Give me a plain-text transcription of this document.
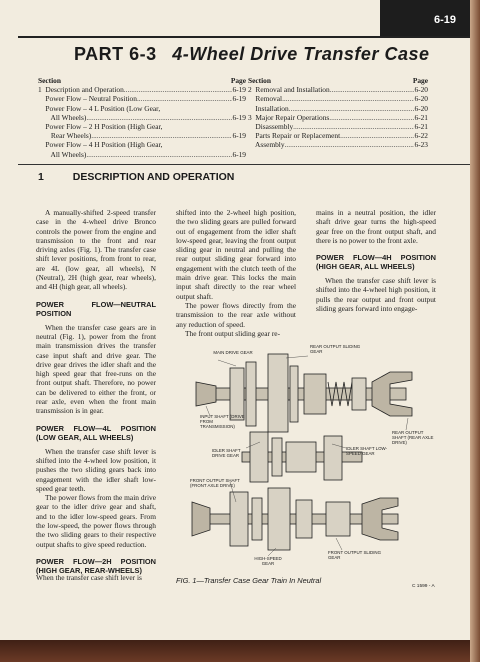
6-19
PART 6-3 4-Wheel Drive Transfer Case
Section	Page
1  Description and Operation .....	6-19
Power Flow – Neutral Position .....	6-19
Power Flow – 4 L Position (Low Gear,
All Wheels) .....	6-19
Power Flow – 2 H Position (High Gear,
Rear Wheels) .....	6-19
Power Flow – 4 H Position (High Gear,
All Wheels) .....	6-19
Section	Page
2  Removal and Installation .....	6-20
Removal .....	6-20
Installation .....	6-20
3  Major Repair Operations .....	6-21
Disassembly .....	6-21
Parts Repair or Replacement .....	6-22
Assembly .....	6-23
1	DESCRIPTION AND OPERATION

A manually-shifted 2-speed transfer case in the 4-wheel drive Bronco controls the power from the engine and transmission to the front and rear driving axles (Fig. 1). The transfer case shift lever positions, from front to rear, are 4L (low gear, all wheels), N (Neutral), 2H (high gear, rear wheels), and 4H (high gear, all wheels).

POWER FLOW—NEUTRAL POSITION

When the transfer case gears are in neutral (Fig. 1), power from the front main transmission drives the transfer case input shaft and drive gear. The drive gear drives the idler shaft and the high speed gear that free-runs on the front output shaft. Therefore, no power can be delivered to either the front, or rear axle, even when the front main transmission is in gear.

POWER FLOW—4L POSITION (LOW GEAR, ALL WHEELS)

When the transfer case shift lever is shifted into the 4-wheel low position, it pushes the two sliding gears back into engagement with the idler shaft low-speed gear teeth.

The power flows from the main drive gear to the idler drive gear and shaft, and to the idler low-speed gears. From the low-speed, the power flows through the two sliding gears to their respective output shafts to give speed reduction.

POWER FLOW—2H POSITION (HIGH GEAR, REAR-WHEELS)
When the transfer case shift lever is

shifted into the 2-wheel high position, the two sliding gears are pulled forward out of engagement from the idler shaft low-speed gear, leaving the front output sliding gear in neutral and pulling the rear output sliding gear forward into engagement with the clutch teeth of the main drive gear. This locks the main input shaft directly to the rear wheel output shaft.

The power flows directly from the transmission to the rear axle without any reduction of speed.

The front output sliding gear re-

mains in a neutral position, the idler shaft drive gear turns the high-speed gear free on the front output shaft, and there is no power to the front axle.

POWER FLOW—4H POSITION (HIGH GEAR, ALL WHEELS)

When the transfer case shift lever is shifted into the 4-wheel high position, it pulls the rear output and front output sliding gears forward into engage-

MAIN DRIVE GEAR
REAR OUTPUT SLIDING GEAR
INPUT SHAFT (DRIVE FROM TRANSMISSION)
REAR OUTPUT SHAFT (REAR AXLE DRIVE)
IDLER SHAFT DRIVE GEAR
IDLER SHAFT LOW-SPEED GEAR
FRONT OUTPUT SHAFT (FRONT AXLE DRIVE)
HIGH-SPEED GEAR
FRONT OUTPUT SLIDING GEAR
C 1599 - A
FIG. 1—Transfer Case Gear Train In Neutral
